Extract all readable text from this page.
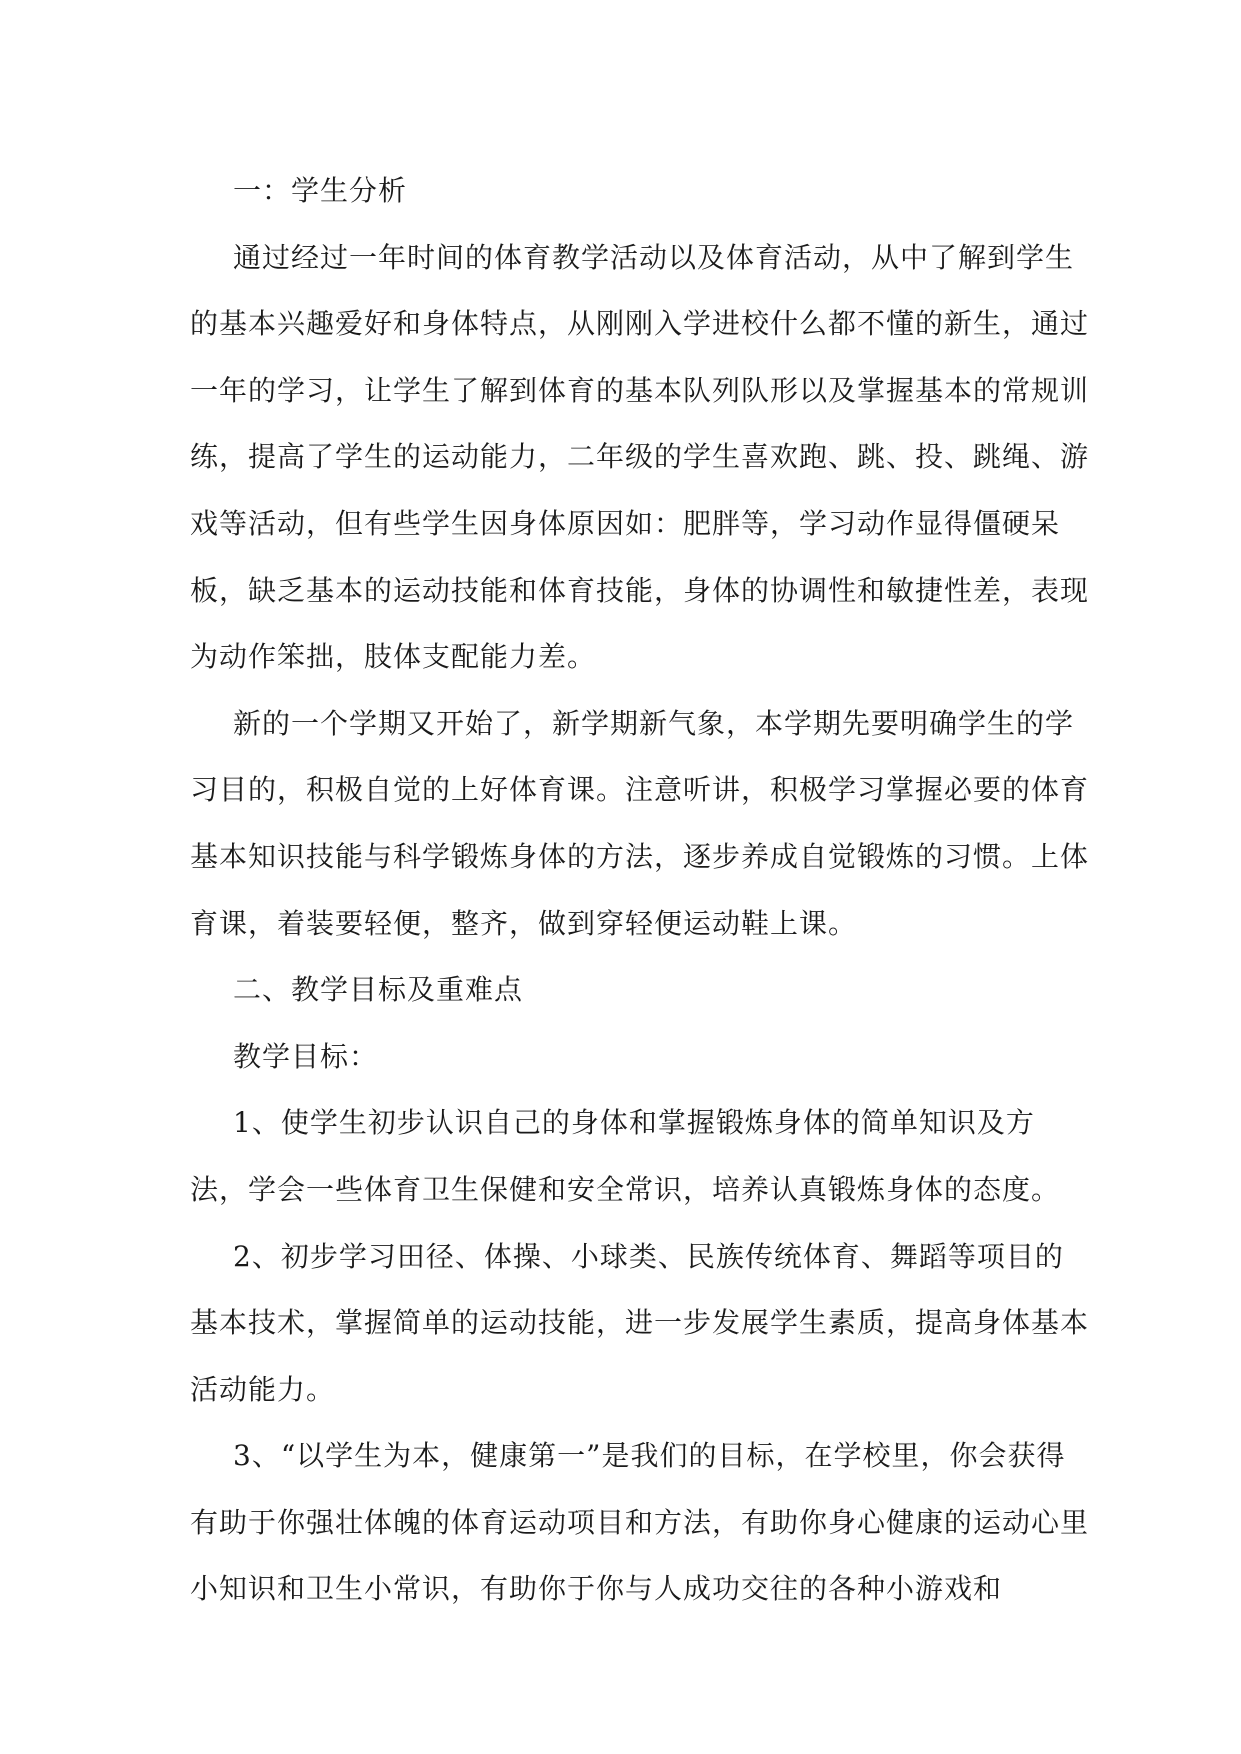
一：学生分析

通过经过一年时间的体育教学活动以及体育活动，从中了解到学生的基本兴趣爱好和身体特点，从刚刚入学进校什么都不懂的新生，通过一年的学习，让学生了解到体育的基本队列队形以及掌握基本的常规训练，提高了学生的运动能力，二年级的学生喜欢跑、跳、投、跳绳、游戏等活动，但有些学生因身体原因如：肥胖等，学习动作显得僵硬呆板，缺乏基本的运动技能和体育技能，身体的协调性和敏捷性差，表现为动作笨拙，肢体支配能力差。

新的一个学期又开始了，新学期新气象，本学期先要明确学生的学习目的，积极自觉的上好体育课。注意听讲，积极学习掌握必要的体育基本知识技能与科学锻炼身体的方法，逐步养成自觉锻炼的习惯。上体育课，着装要轻便，整齐，做到穿轻便运动鞋上课。

二、教学目标及重难点

教学目标：

1、使学生初步认识自己的身体和掌握锻炼身体的简单知识及方法，学会一些体育卫生保健和安全常识，培养认真锻炼身体的态度。

2、初步学习田径、体操、小球类、民族传统体育、舞蹈等项目的基本技术，掌握简单的运动技能，进一步发展学生素质，提高身体基本活动能力。

3、“以学生为本，健康第一”是我们的目标，在学校里，你会获得有助于你强壮体魄的体育运动项目和方法，有助你身心健康的运动心里小知识和卫生小常识，有助你于你与人成功交往的各种小游戏和
